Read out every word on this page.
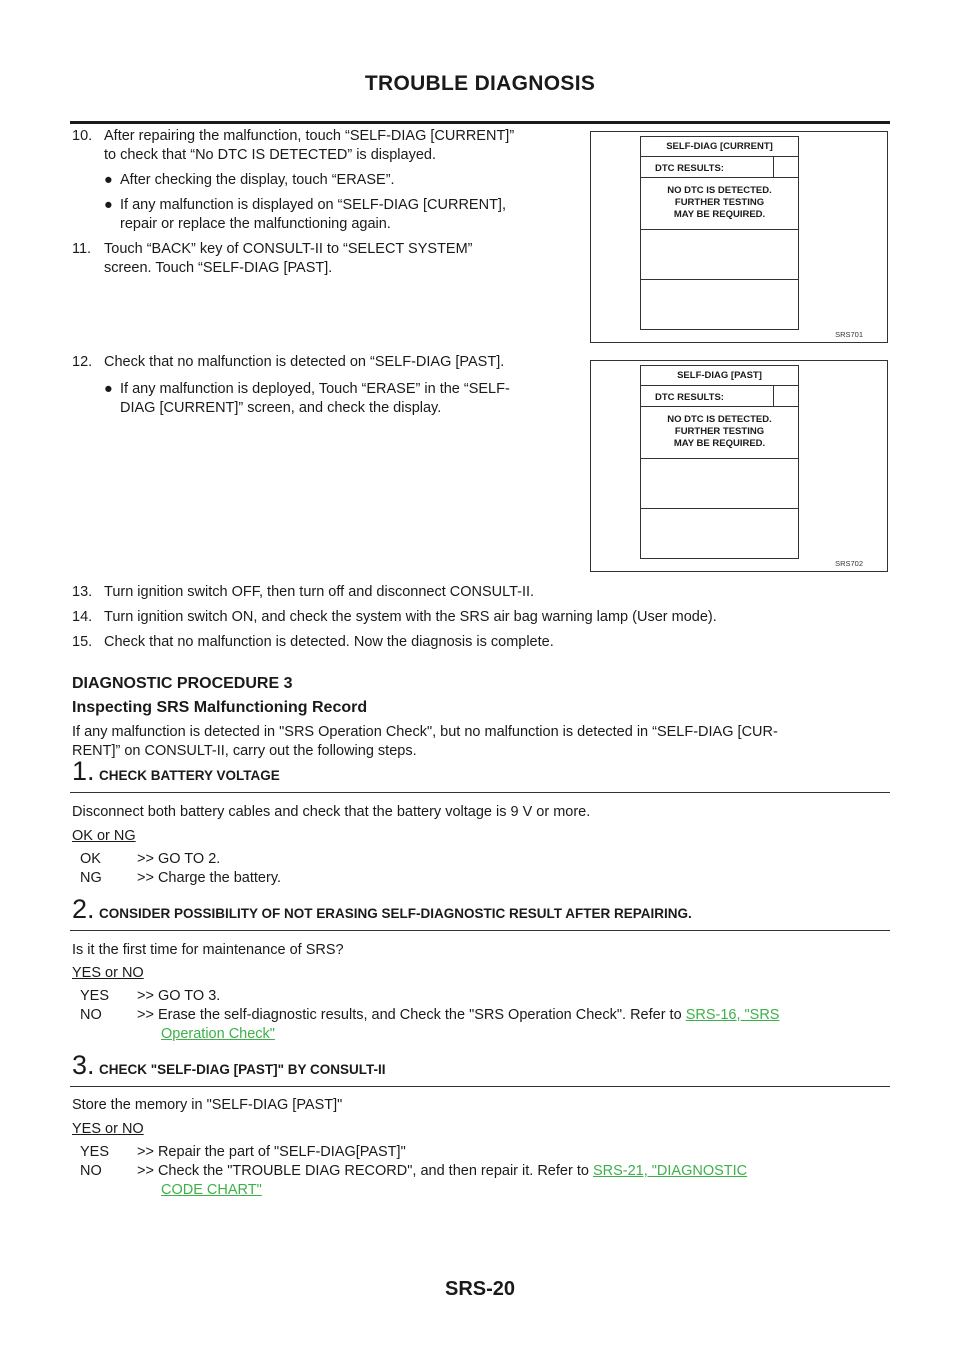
TROUBLE DIAGNOSIS
10. After repairing the malfunction, touch “SELF-DIAG [CURRENT]”
to check that “No DTC IS DETECTED” is displayed.
● After checking the display, touch “ERASE”.
● If any malfunction is displayed on “SELF-DIAG [CURRENT],
repair or replace the malfunctioning again.
11. Touch “BACK” key of CONSULT-II to “SELECT SYSTEM”
screen. Touch “SELF-DIAG [PAST].
SELF-DIAG [CURRENT]
DTC RESULTS:
NO DTC IS DETECTED.
FURTHER TESTING
MAY BE REQUIRED.
SRS701
12. Check that no malfunction is detected on “SELF-DIAG [PAST].
● If any malfunction is deployed, Touch “ERASE” in the “SELF-
DIAG [CURRENT]” screen, and check the display.
SELF-DIAG [PAST]
DTC RESULTS:
NO DTC IS DETECTED.
FURTHER TESTING
MAY BE REQUIRED.
SRS702
13. Turn ignition switch OFF, then turn off and disconnect CONSULT-II.
14. Turn ignition switch ON, and check the system with the SRS air bag warning lamp (User mode).
15. Check that no malfunction is detected. Now the diagnosis is complete.
DIAGNOSTIC PROCEDURE 3
Inspecting SRS Malfunctioning Record
If any malfunction is detected in "SRS Operation Check", but no malfunction is detected in “SELF-DIAG [CUR-
RENT]” on CONSULT-II, carry out the following steps.
1. CHECK BATTERY VOLTAGE
Disconnect both battery cables and check that the battery voltage is 9 V or more.
OK or NG
OK >> GO TO 2.
NG >> Charge the battery.
2. CONSIDER POSSIBILITY OF NOT ERASING SELF-DIAGNOSTIC RESULT AFTER REPAIRING.
Is it the first time for maintenance of SRS?
YES or NO
YES >> GO TO 3.
NO >> Erase the self-diagnostic results, and Check the "SRS Operation Check". Refer to SRS-16, "SRS
Operation Check"
3. CHECK "SELF-DIAG [PAST]" BY CONSULT-II
Store the memory in "SELF-DIAG [PAST]"
YES or NO
YES >> Repair the part of "SELF-DIAG[PAST]"
NO >> Check the "TROUBLE DIAG RECORD", and then repair it. Refer to SRS-21, "DIAGNOSTIC
CODE CHART"
SRS-20
